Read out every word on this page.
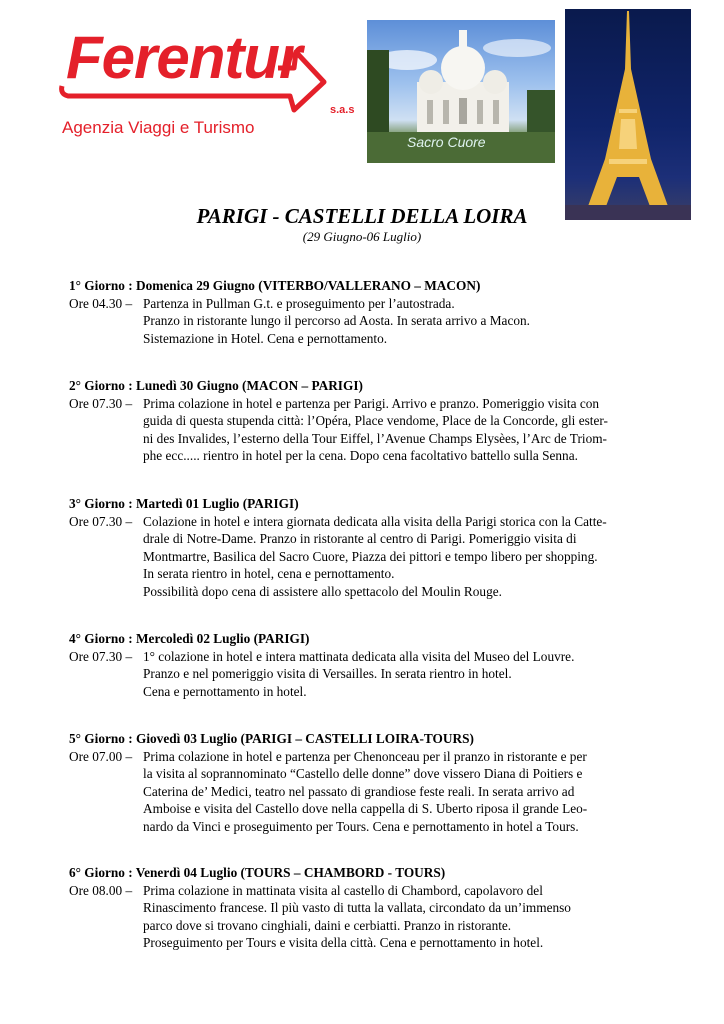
Ferentur
s.a.s
Agenzia Viaggi e Turismo
Sacro Cuore
PARIGI - CASTELLI DELLA LOIRA
(29 Giugno-06 Luglio)
1° Giorno : Domenica 29 Giugno (VITERBO/VALLERANO – MACON)
Ore 04.30 – Partenza in Pullman G.t. e proseguimento per l’autostrada.

Pranzo in ristorante lungo il percorso ad Aosta. In serata arrivo a Macon.

Sistemazione in Hotel. Cena e pernottamento.

2° Giorno : Lunedì 30 Giugno (MACON – PARIGI)
Ore 07.30 – Prima colazione in hotel e partenza per Parigi. Arrivo e pranzo. Pomeriggio visita con

guida di questa stupenda città: l’Opéra, Place vendome, Place de la Concorde, gli ester-

ni des Invalides, l’esterno della Tour Eiffel, l’Avenue Champs Elysèes, l’Arc de Triom-

phe ecc..... rientro in hotel per la cena. Dopo cena facoltativo battello sulla Senna.

3° Giorno : Martedì 01 Luglio (PARIGI)
Ore 07.30 – Colazione in hotel e intera giornata dedicata alla visita della Parigi storica con la Catte-

drale di Notre-Dame. Pranzo in ristorante al centro di Parigi. Pomeriggio visita di

Montmartre, Basilica del Sacro Cuore, Piazza dei pittori e tempo libero per shopping.

In serata rientro in hotel, cena e pernottamento.

Possibilità dopo cena di assistere allo spettacolo del Moulin Rouge.

4° Giorno : Mercoledì 02 Luglio (PARIGI)
Ore 07.30 – 1° colazione in hotel e intera mattinata dedicata alla visita del Museo del Louvre.

Pranzo e nel pomeriggio visita di Versailles. In serata rientro in hotel.

Cena e pernottamento in hotel.

5° Giorno : Giovedì 03 Luglio (PARIGI – CASTELLI LOIRA-TOURS)
Ore 07.00 – Prima colazione in hotel e partenza per Chenonceau per il pranzo in ristorante e per

la visita al soprannominato “Castello delle donne” dove vissero Diana di Poitiers e

Caterina de’ Medici, teatro nel passato di grandiose feste reali. In serata arrivo ad

Amboise e visita del Castello dove nella cappella di S. Uberto riposa il grande Leo-

nardo da Vinci e proseguimento per Tours. Cena e pernottamento in hotel a Tours.

6° Giorno : Venerdì 04 Luglio (TOURS – CHAMBORD - TOURS)
Ore 08.00 – Prima colazione in mattinata visita al castello di Chambord, capolavoro del

Rinascimento francese. Il più vasto di tutta la vallata, circondato da un’immenso

parco dove si trovano cinghiali, daini e cerbiatti. Pranzo in ristorante.

Proseguimento per Tours e visita della città. Cena e pernottamento in hotel.
